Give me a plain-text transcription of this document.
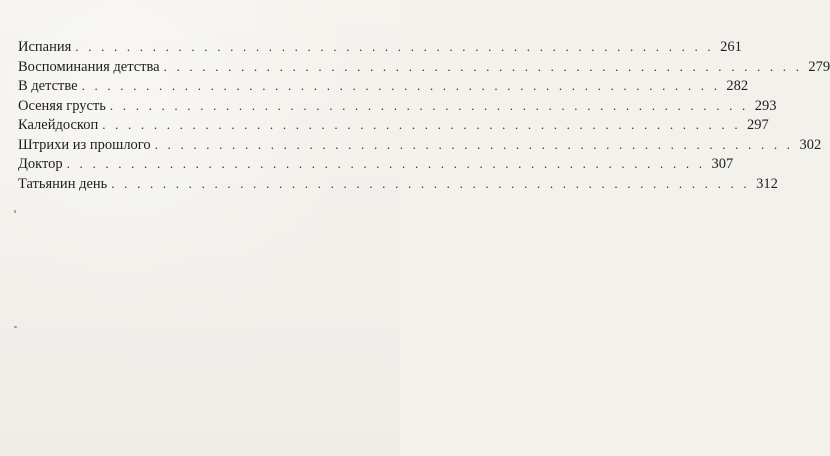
Испания . . . . . . . . . . . . . . . . . . . . . . . . . . . . . . . . . . . . . . . . . . . . . . . . . . 261
Воспоминания детства . . . . . . . . . . . . . . . . . . . . . . . . . . . . . . . . . . . . . . . . . . . . . . . . . . 279
В детстве . . . . . . . . . . . . . . . . . . . . . . . . . . . . . . . . . . . . . . . . . . . . . . . . . . 282
Осеняя грусть . . . . . . . . . . . . . . . . . . . . . . . . . . . . . . . . . . . . . . . . . . . . . . . . . . 293
Калейдоскоп . . . . . . . . . . . . . . . . . . . . . . . . . . . . . . . . . . . . . . . . . . . . . . . . . . 297
Штрихи из прошлого . . . . . . . . . . . . . . . . . . . . . . . . . . . . . . . . . . . . . . . . . . . . . . . . . . 302
Доктор . . . . . . . . . . . . . . . . . . . . . . . . . . . . . . . . . . . . . . . . . . . . . . . . . . 307
Татьянин день . . . . . . . . . . . . . . . . . . . . . . . . . . . . . . . . . . . . . . . . . . . . . . . . . . 312
